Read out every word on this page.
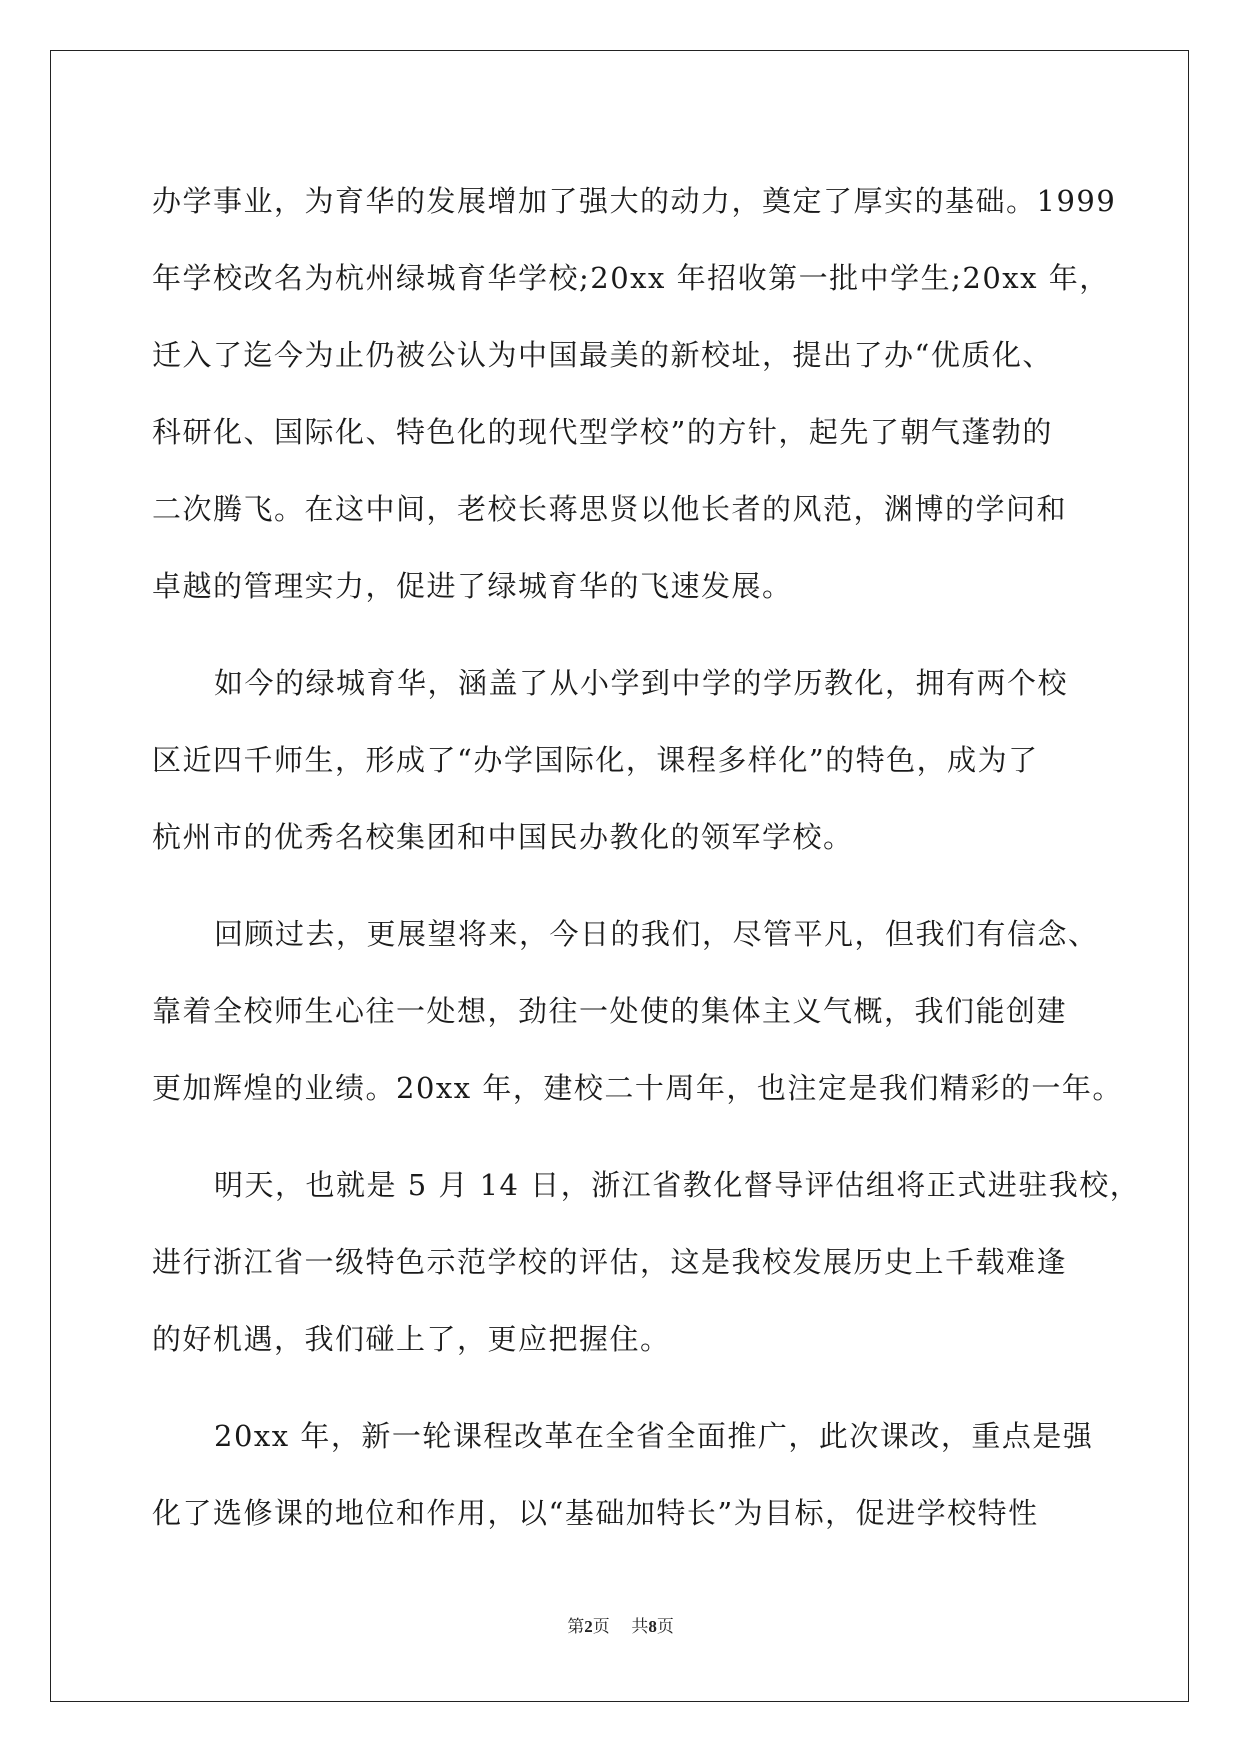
办学事业，为育华的发展增加了强大的动力，奠定了厚实的基础。1999
年学校改名为杭州绿城育华学校;20xx 年招收第一批中学生;20xx 年，
迁入了迄今为止仍被公认为中国最美的新校址，提出了办“优质化、
科研化、国际化、特色化的现代型学校”的方针，起先了朝气蓬勃的
二次腾飞。在这中间，老校长蒋思贤以他长者的风范，渊博的学问和
卓越的管理实力，促进了绿城育华的飞速发展。

如今的绿城育华，涵盖了从小学到中学的学历教化，拥有两个校
区近四千师生，形成了“办学国际化，课程多样化”的特色，成为了
杭州市的优秀名校集团和中国民办教化的领军学校。

回顾过去，更展望将来，今日的我们，尽管平凡，但我们有信念、
靠着全校师生心往一处想，劲往一处使的集体主义气概，我们能创建
更加辉煌的业绩。20xx 年，建校二十周年，也注定是我们精彩的一年。

明天，也就是 5 月 14 日，浙江省教化督导评估组将正式进驻我校，
进行浙江省一级特色示范学校的评估，这是我校发展历史上千载难逢
的好机遇，我们碰上了，更应把握住。

20xx 年，新一轮课程改革在全省全面推广，此次课改，重点是强
化了选修课的地位和作用，以“基础加特长”为目标，促进学校特性

第2页 共8页
